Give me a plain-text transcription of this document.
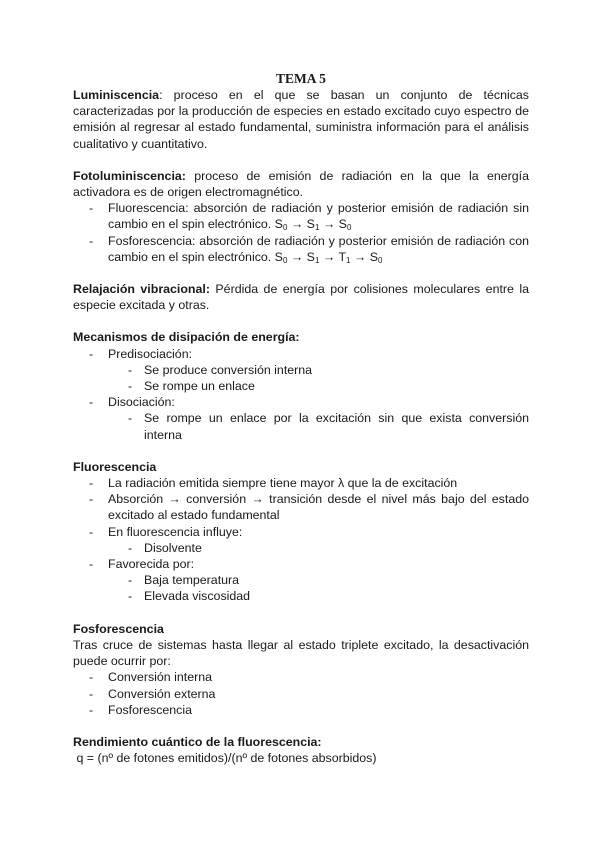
TEMA 5

Luminiscencia: proceso en el que se basan un conjunto de técnicas caracterizadas por la producción de especies en estado excitado cuyo espectro de emisión al regresar al estado fundamental, suministra información para el análisis cualitativo y cuantitativo.

Fotoluminiscencia: proceso de emisión de radiación en la que la energía activadora es de origen electromagnético.

- Fluorescencia: absorción de radiación y posterior emisión de radiación sin cambio en el spin electrónico. $S_0 \to S_1 \to S_0$
- Fosforescencia: absorción de radiación y posterior emisión de radiación con cambio en el spin electrónico. $S_0 \to S_1 \to T_1 \to S_0$

Relajación vibracional: Pérdida de energía por colisiones moleculares entre la especie excitada y otras.

Mecanismos de disipación de energía:
- Predisociación:
- Se produce conversión interna
- Se rompe un enlace
- Disociación:
- Se rompe un enlace por la excitación sin que exista conversión interna
Fluorescencia
- La radiación emitida siempre tiene mayor λ que la de excitación
- Absorción → conversión → transición desde el nivel más bajo del estado excitado al estado fundamental
- En fluorescencia influye:
- Disolvente
- Favorecida por:
- Baja temperatura
- Elevada viscosidad
Fosforescencia

Tras cruce de sistemas hasta llegar al estado triplete excitado, la desactivación puede ocurrir por:

- Conversión interna
- Conversión externa
- Fosforescencia
Rendimiento cuántico de la fluorescencia:

q = (nº de fotones emitidos)/(nº de fotones absorbidos)
